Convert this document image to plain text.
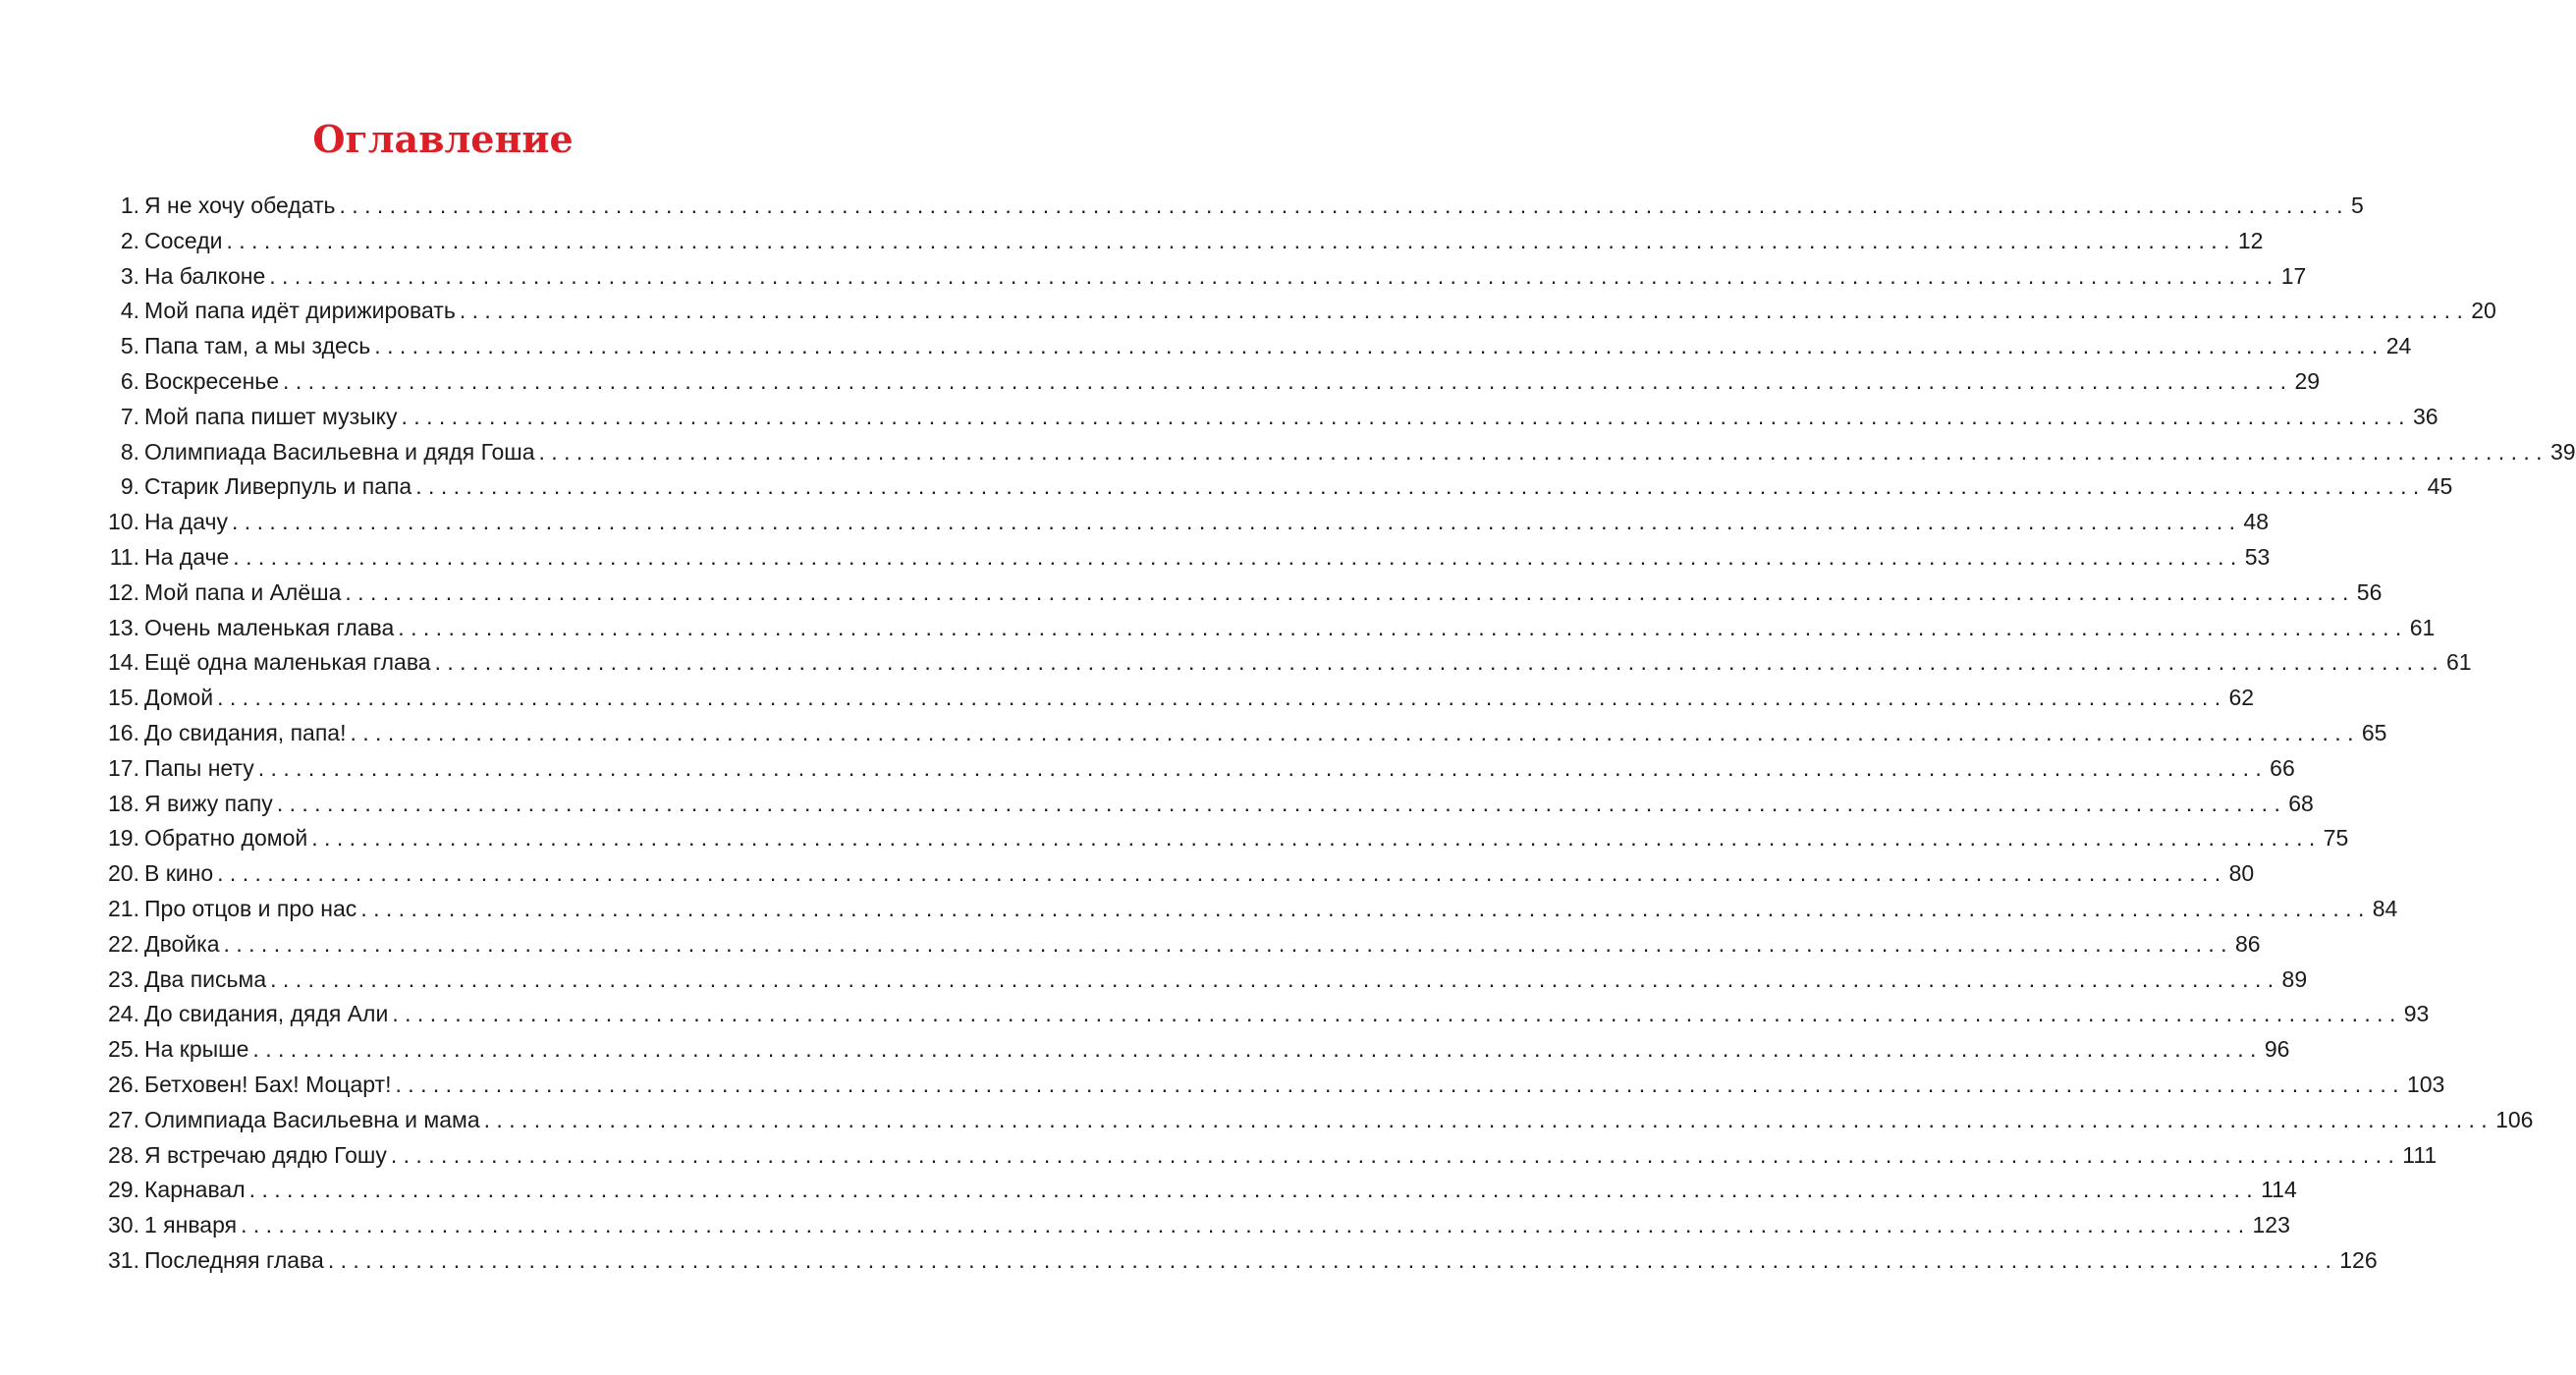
Оглавление
1. Я не хочу обедать ................................................................................................................................................................ 5
2. Соседи ................................................................................................................................................................ 12
3. На балконе ................................................................................................................................................................ 17
4. Мой папа идёт дирижировать ................................................................................................................................................................ 20
5. Папа там, а мы здесь ................................................................................................................................................................ 24
6. Воскресенье ................................................................................................................................................................ 29
7. Мой папа пишет музыку ................................................................................................................................................................ 36
8. Олимпиада Васильевна и дядя Гоша ................................................................................................................................................................ 39
9. Старик Ливерпуль и папа ................................................................................................................................................................ 45
10. На дачу ................................................................................................................................................................ 48
11. На даче ................................................................................................................................................................ 53
12. Мой папа и Алёша ................................................................................................................................................................ 56
13. Очень маленькая глава ................................................................................................................................................................ 61
14. Ещё одна маленькая глава ................................................................................................................................................................ 61
15. Домой ................................................................................................................................................................ 62
16. До свидания, папа! ................................................................................................................................................................ 65
17. Папы нету ................................................................................................................................................................ 66
18. Я вижу папу ................................................................................................................................................................ 68
19. Обратно домой ................................................................................................................................................................ 75
20. В кино ................................................................................................................................................................ 80
21. Про отцов и про нас ................................................................................................................................................................ 84
22. Двойка ................................................................................................................................................................ 86
23. Два письма ................................................................................................................................................................ 89
24. До свидания, дядя Али ................................................................................................................................................................ 93
25. На крыше ................................................................................................................................................................ 96
26. Бетховен! Бах! Моцарт! ................................................................................................................................................................ 103
27. Олимпиада Васильевна и мама ................................................................................................................................................................ 106
28. Я встречаю дядю Гошу ................................................................................................................................................................ 111
29. Карнавал ................................................................................................................................................................ 114
30. 1 января ................................................................................................................................................................ 123
31. Последняя глава ................................................................................................................................................................ 126
